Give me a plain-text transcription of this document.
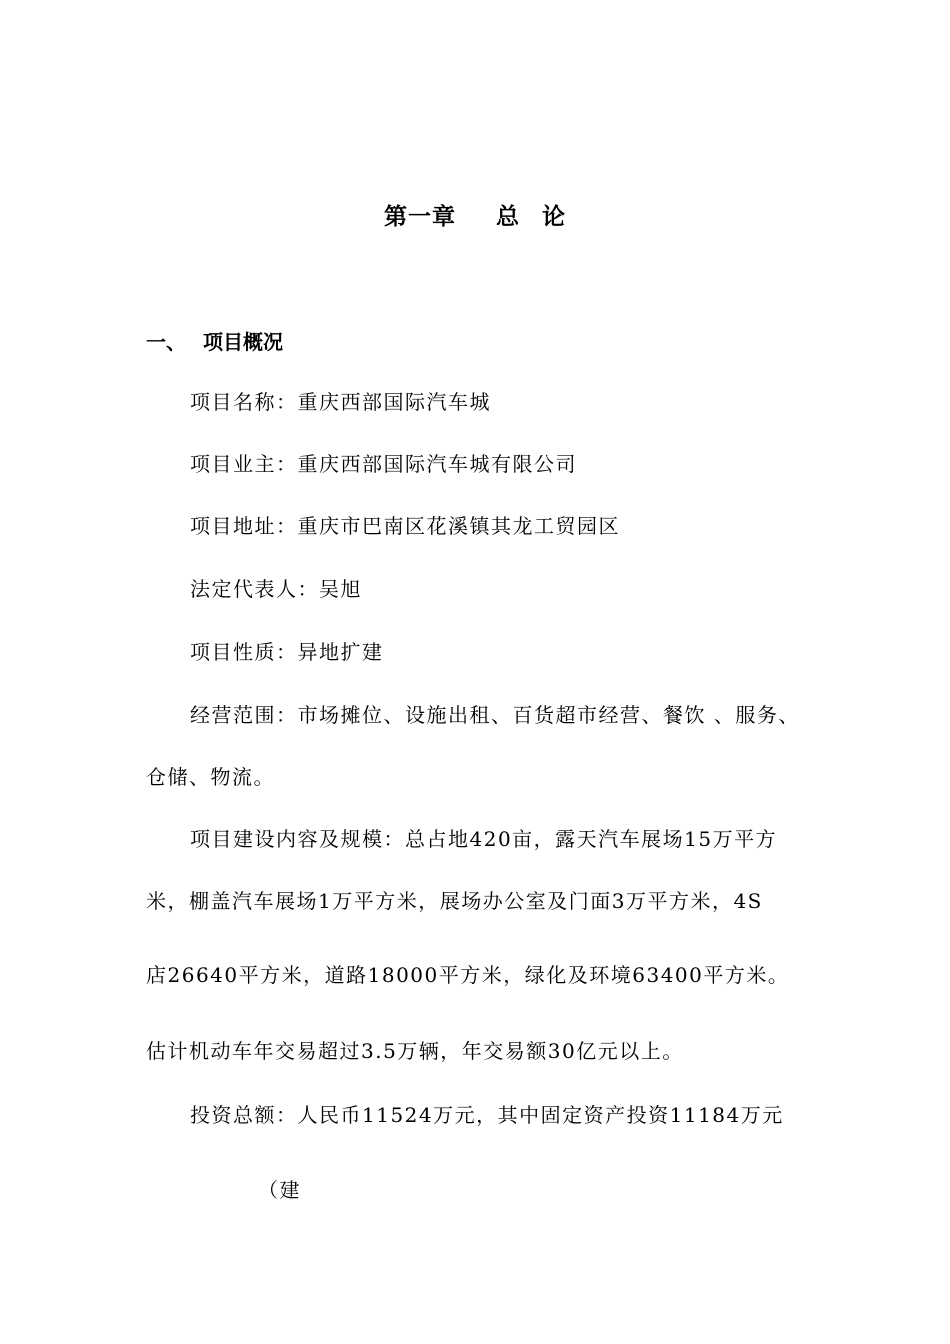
第一章 总 论
一、 项目概况
项目名称：重庆西部国际汽车城
项目业主：重庆西部国际汽车城有限公司
项目地址：重庆市巴南区花溪镇其龙工贸园区
法定代表人：吴旭
项目性质：异地扩建
经营范围：市场摊位、设施出租、百货超市经营、餐饮 、服务、
仓储、物流。
项目建设内容及规模：总占地420亩，露天汽车展场15万平方
米，棚盖汽车展场1万平方米，展场办公室及门面3万平方米，4S
店26640平方米，道路18000平方米，绿化及环境63400平方米。
估计机动车年交易超过3.5万辆，年交易额30亿元以上。
投资总额：人民币11524万元，其中固定资产投资11184万元
（建
